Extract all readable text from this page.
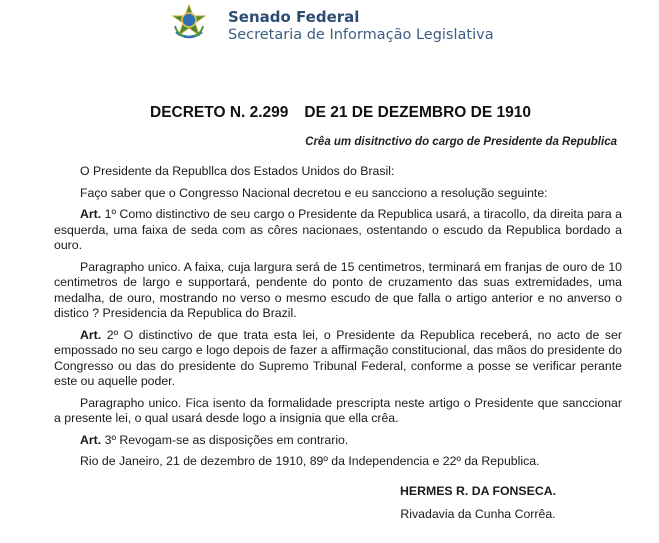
Senado Federal
Secretaria de Informação Legislativa
DECRETO N. 2.299 DE 21 DE DEZEMBRO DE 1910
Crêa um disitnctivo do cargo de Presidente da Republica

O Presidente da Republlca dos Estados Unidos do Brasil:

Faço saber que o Congresso Nacional decretou e eu sancciono a resolução seguinte:

Art. 1º Como distinctivo de seu cargo o Presidente da Republica usará, a tiracollo, da direita para a esquerda, uma faixa de seda com as côres nacionaes, ostentando o escudo da Republica bordado a ouro.

Paragrapho unico. A faixa, cuja largura será de 15 centimetros, terminará em franjas de ouro de 10 centimetros de largo e supportará, pendente do ponto de cruzamento das suas extremidades, uma medalha, de ouro, mostrando no verso o mesmo escudo de que falla o artigo anterior e no anverso o distico ? Presidencia da Republica do Brazil.

Art. 2º O distinctivo de que trata esta lei, o Presidente da Republica receberá, no acto de ser empossado no seu cargo e logo depois de fazer a affirmação constitucional, das mãos do presidente do Congresso ou das do presidente do Supremo Tribunal Federal, conforme a posse se verificar perante este ou aquelle poder.

Paragrapho unico. Fica isento da formalidade prescripta neste artigo o Presidente que sanccionar a presente lei, o qual usará desde logo a insignia que ella crêa.

Art. 3º Revogam-se as disposições em contrario.

Rio de Janeiro, 21 de dezembro de 1910, 89º da Independencia e 22º da Republica.

HERMES R. DA FONSECA.
Rivadavia da Cunha Corrêa.
